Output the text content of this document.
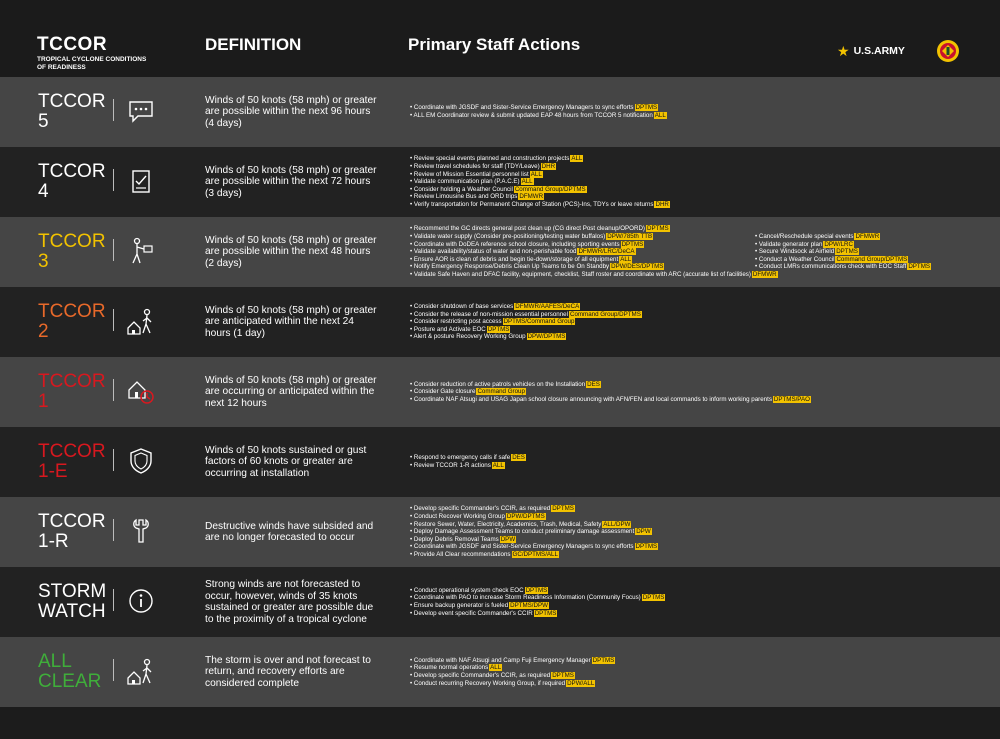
TCCOR
TROPICAL CYCLONE CONDITIONS OF READINESS
DEFINITION	Primary Staff Actions	★ U.S.ARMY
TCCOR
5
Winds of 50 knots (58 mph) or greater are possible within the next 96 hours (4 days)
• Coordinate with JGSDF and Sister-Service Emergency Managers to sync efforts DPTMS
• ALL EM Coordinator review & submit updated EAP 48 hours from TCCOR 5 notification ALL
TCCOR
4
Winds of 50 knots (58 mph) or greater are possible within the next 72 hours (3 days)
• Review special events planned and construction projects ALL
• Review travel schedules for staff (TDY/Leave) DHR
• Review of Mission Essential personnel list ALL
• Validate communication plan (P.A.C.E) ALL
• Consider holding a Weather Council Command Group/DPTMS
• Review Limousine Bus and ORD trips DFMWR
• Verify transportation for Permanent Change of Station (PCS)-Ins, TDYs or leave returns DHR
TCCOR
3
Winds of 50 knots (58 mph) or greater are possible within the next 48 hours (2 days)
• Recommend the GC directs general post clean up (CG direct Post cleanup/OPORD) DPTMS
• Validate water supply (Consider pre-positioning/testing water buffalos) DPW/785th TTB
• Coordinate with DoDEA reference school closure, including sporting events DPTMS
• Validate availability/status of water and non-perishable food DFMWR/LRC/DeCA
• Ensure AOR is clean of debris and begin tie-down/storage of all equipment ALL
• Notify Emergency Response/Debris Clean Up Teams to be On Standby DPW/DES/DPTMS
• Validate Safe Haven and DFAC facility, equipment, checklist, Staff roster and coordinate with ARC (accurate list of facilities) DFMWR
• Cancel/Reschedule special events DFMWR
• Validate generator plan DPW/LRC
• Secure Windsock at Airfield DPTMS
• Conduct a Weather Council Command Group/DPTMS
• Conduct LMRs communications check with EOC Staff DPTMS
TCCOR
2
Winds of 50 knots (58 mph) or greater are anticipated within the next 24 hours (1 day)
• Consider shutdown of base services DFMWR/AAFES/DeCA
• Consider the release of non-mission essential personnel Command Group/DPTMS
• Consider restricting post access DPTMS/Command Group
• Posture and Activate EOC DPTMS
• Alert & posture Recovery Working Group DPW/DPTMS
TCCOR
1
Winds of 50 knots (58 mph) or greater are occurring or anticipated within the next 12 hours
• Consider reduction of active patrols vehicles on the Installation DES
• Consider Gate closure Command Group
• Coordinate NAF Atsugi and USAG Japan school closure announcing with AFN/FEN and local commands to inform working parents DPTMS/PAO
TCCOR
1-E
Winds of 50 knots sustained or gust factors of 60 knots or greater are occurring at installation
• Respond to emergency calls if safe DES
• Review TCCOR 1-R actions ALL
TCCOR
1-R
Destructive winds have subsided and are no longer forecasted to occur
• Develop specific Commander's CCIR, as required DPTMS
• Conduct Recover Working Group DPW/DPTMS
• Restore Sewer, Water, Electricity, Academics, Trash, Medical, Safety ALL/DPW
• Deploy Damage Assessment Teams to conduct preliminary damage assessment DPW
• Deploy Debris Removal Teams DPW
• Coordinate with JGSDF and Sister-Service Emergency Managers to sync efforts DPTMS
• Provide All Clear recommendations GC/DPTMS/ALL
STORM
WATCH
Strong winds are not forecasted to occur, however, winds of 35 knots sustained or greater are possible due to the proximity of a tropical cyclone
• Conduct operational system check EOC DPTMS
• Coordinate with PAO to increase Storm Readiness Information (Community Focus) DPTMS
• Ensure backup generator is fueled DPTMS/DPW
• Develop event specific Commander's CCIR DPTMS
ALL
CLEAR
The storm is over and not forecast to return, and recovery efforts are considered complete
• Coordinate with NAF Atsugi and Camp Fuji Emergency Manager DPTMS
• Resume normal operations ALL
• Develop specific Commander's CCIR, as required DPTMS
• Conduct recurring Recovery Working Group, if required DPW/ALL
